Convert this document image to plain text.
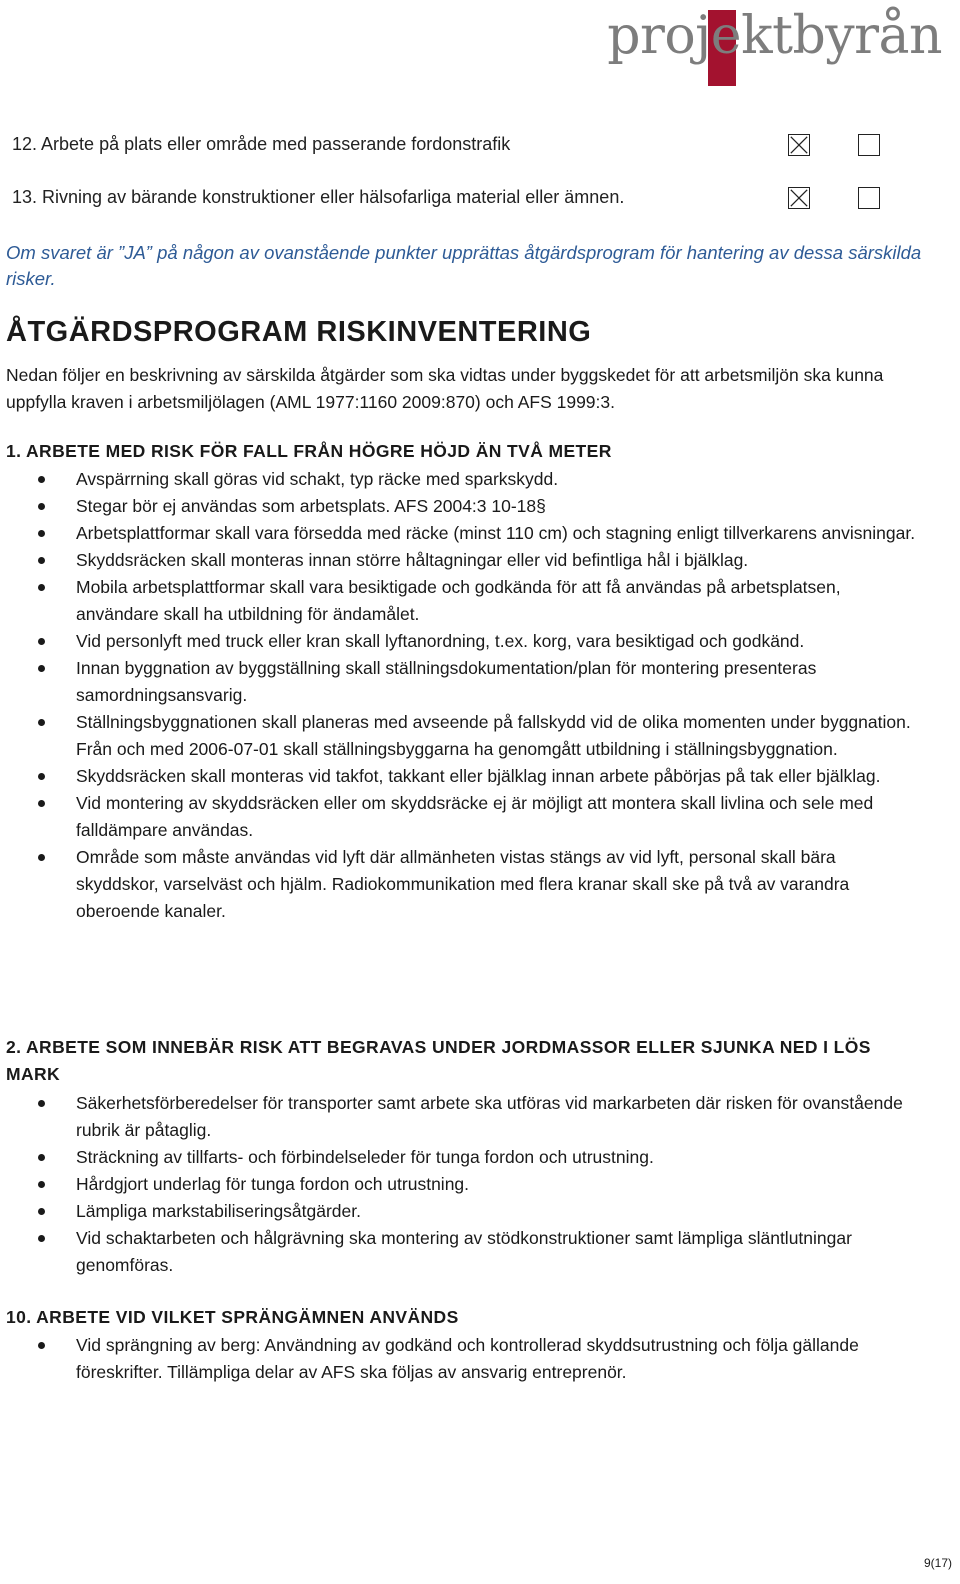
projektbyrån
12. Arbete på plats eller område med passerande fordonstrafik
13. Rivning av bärande konstruktioner eller hälsofarliga material eller ämnen.
Om svaret är ”JA” på någon av ovanstående punkter upprättas åtgärdsprogram för hantering av dessa särskilda risker.
ÅTGÄRDSPROGRAM RISKINVENTERING
Nedan följer en beskrivning av särskilda åtgärder som ska vidtas under byggskedet för att arbetsmiljön ska kunna uppfylla kraven i arbetsmiljölagen (AML 1977:1160 2009:870) och AFS 1999:3.
1. ARBETE MED RISK FÖR FALL FRÅN HÖGRE HÖJD ÄN TVÅ METER
Avspärrning skall göras vid schakt, typ räcke med sparkskydd.
Stegar bör ej användas som arbetsplats. AFS 2004:3 10-18§
Arbetsplattformar skall vara försedda med räcke (minst 110 cm) och stagning enligt tillverkarens anvisningar.
Skyddsräcken skall monteras innan större håltagningar eller vid befintliga hål i bjälklag.
Mobila arbetsplattformar skall vara besiktigade och godkända för att få användas på arbetsplatsen, användare skall ha utbildning för ändamålet.
Vid personlyft med truck eller kran skall lyftanordning, t.ex. korg, vara besiktigad och godkänd.
Innan byggnation av byggställning skall ställningsdokumentation/plan för montering presenteras samordningsansvarig.
Ställningsbyggnationen skall planeras med avseende på fallskydd vid de olika momenten under byggnation. Från och med 2006-07-01 skall ställningsbyggarna ha genomgått utbildning i ställningsbyggnation.
Skyddsräcken skall monteras vid takfot, takkant eller bjälklag innan arbete påbörjas på tak eller bjälklag.
Vid montering av skyddsräcken eller om skyddsräcke ej är möjligt att montera skall livlina och sele med falldämpare användas.
Område som måste användas vid lyft där allmänheten vistas stängs av vid lyft, personal skall bära skyddskor, varselväst och hjälm. Radiokommunikation med flera kranar skall ske på två av varandra oberoende kanaler.
2. ARBETE SOM INNEBÄR RISK ATT BEGRAVAS UNDER JORDMASSOR ELLER SJUNKA NED I LÖS MARK
Säkerhetsförberedelser för transporter samt arbete ska utföras vid markarbeten där risken för ovanstående rubrik är påtaglig.
Sträckning av tillfarts- och förbindelseleder för tunga fordon och utrustning.
Hårdgjort underlag för tunga fordon och utrustning.
Lämpliga markstabiliseringsåtgärder.
Vid schaktarbeten och hålgrävning ska montering av stödkonstruktioner samt lämpliga släntlutningar genomföras.
10. ARBETE VID VILKET SPRÄNGÄMNEN ANVÄNDS
Vid sprängning av berg: Användning av godkänd och kontrollerad skyddsutrustning och följa gällande föreskrifter. Tillämpliga delar av AFS ska följas av ansvarig entreprenör.
9(17)
